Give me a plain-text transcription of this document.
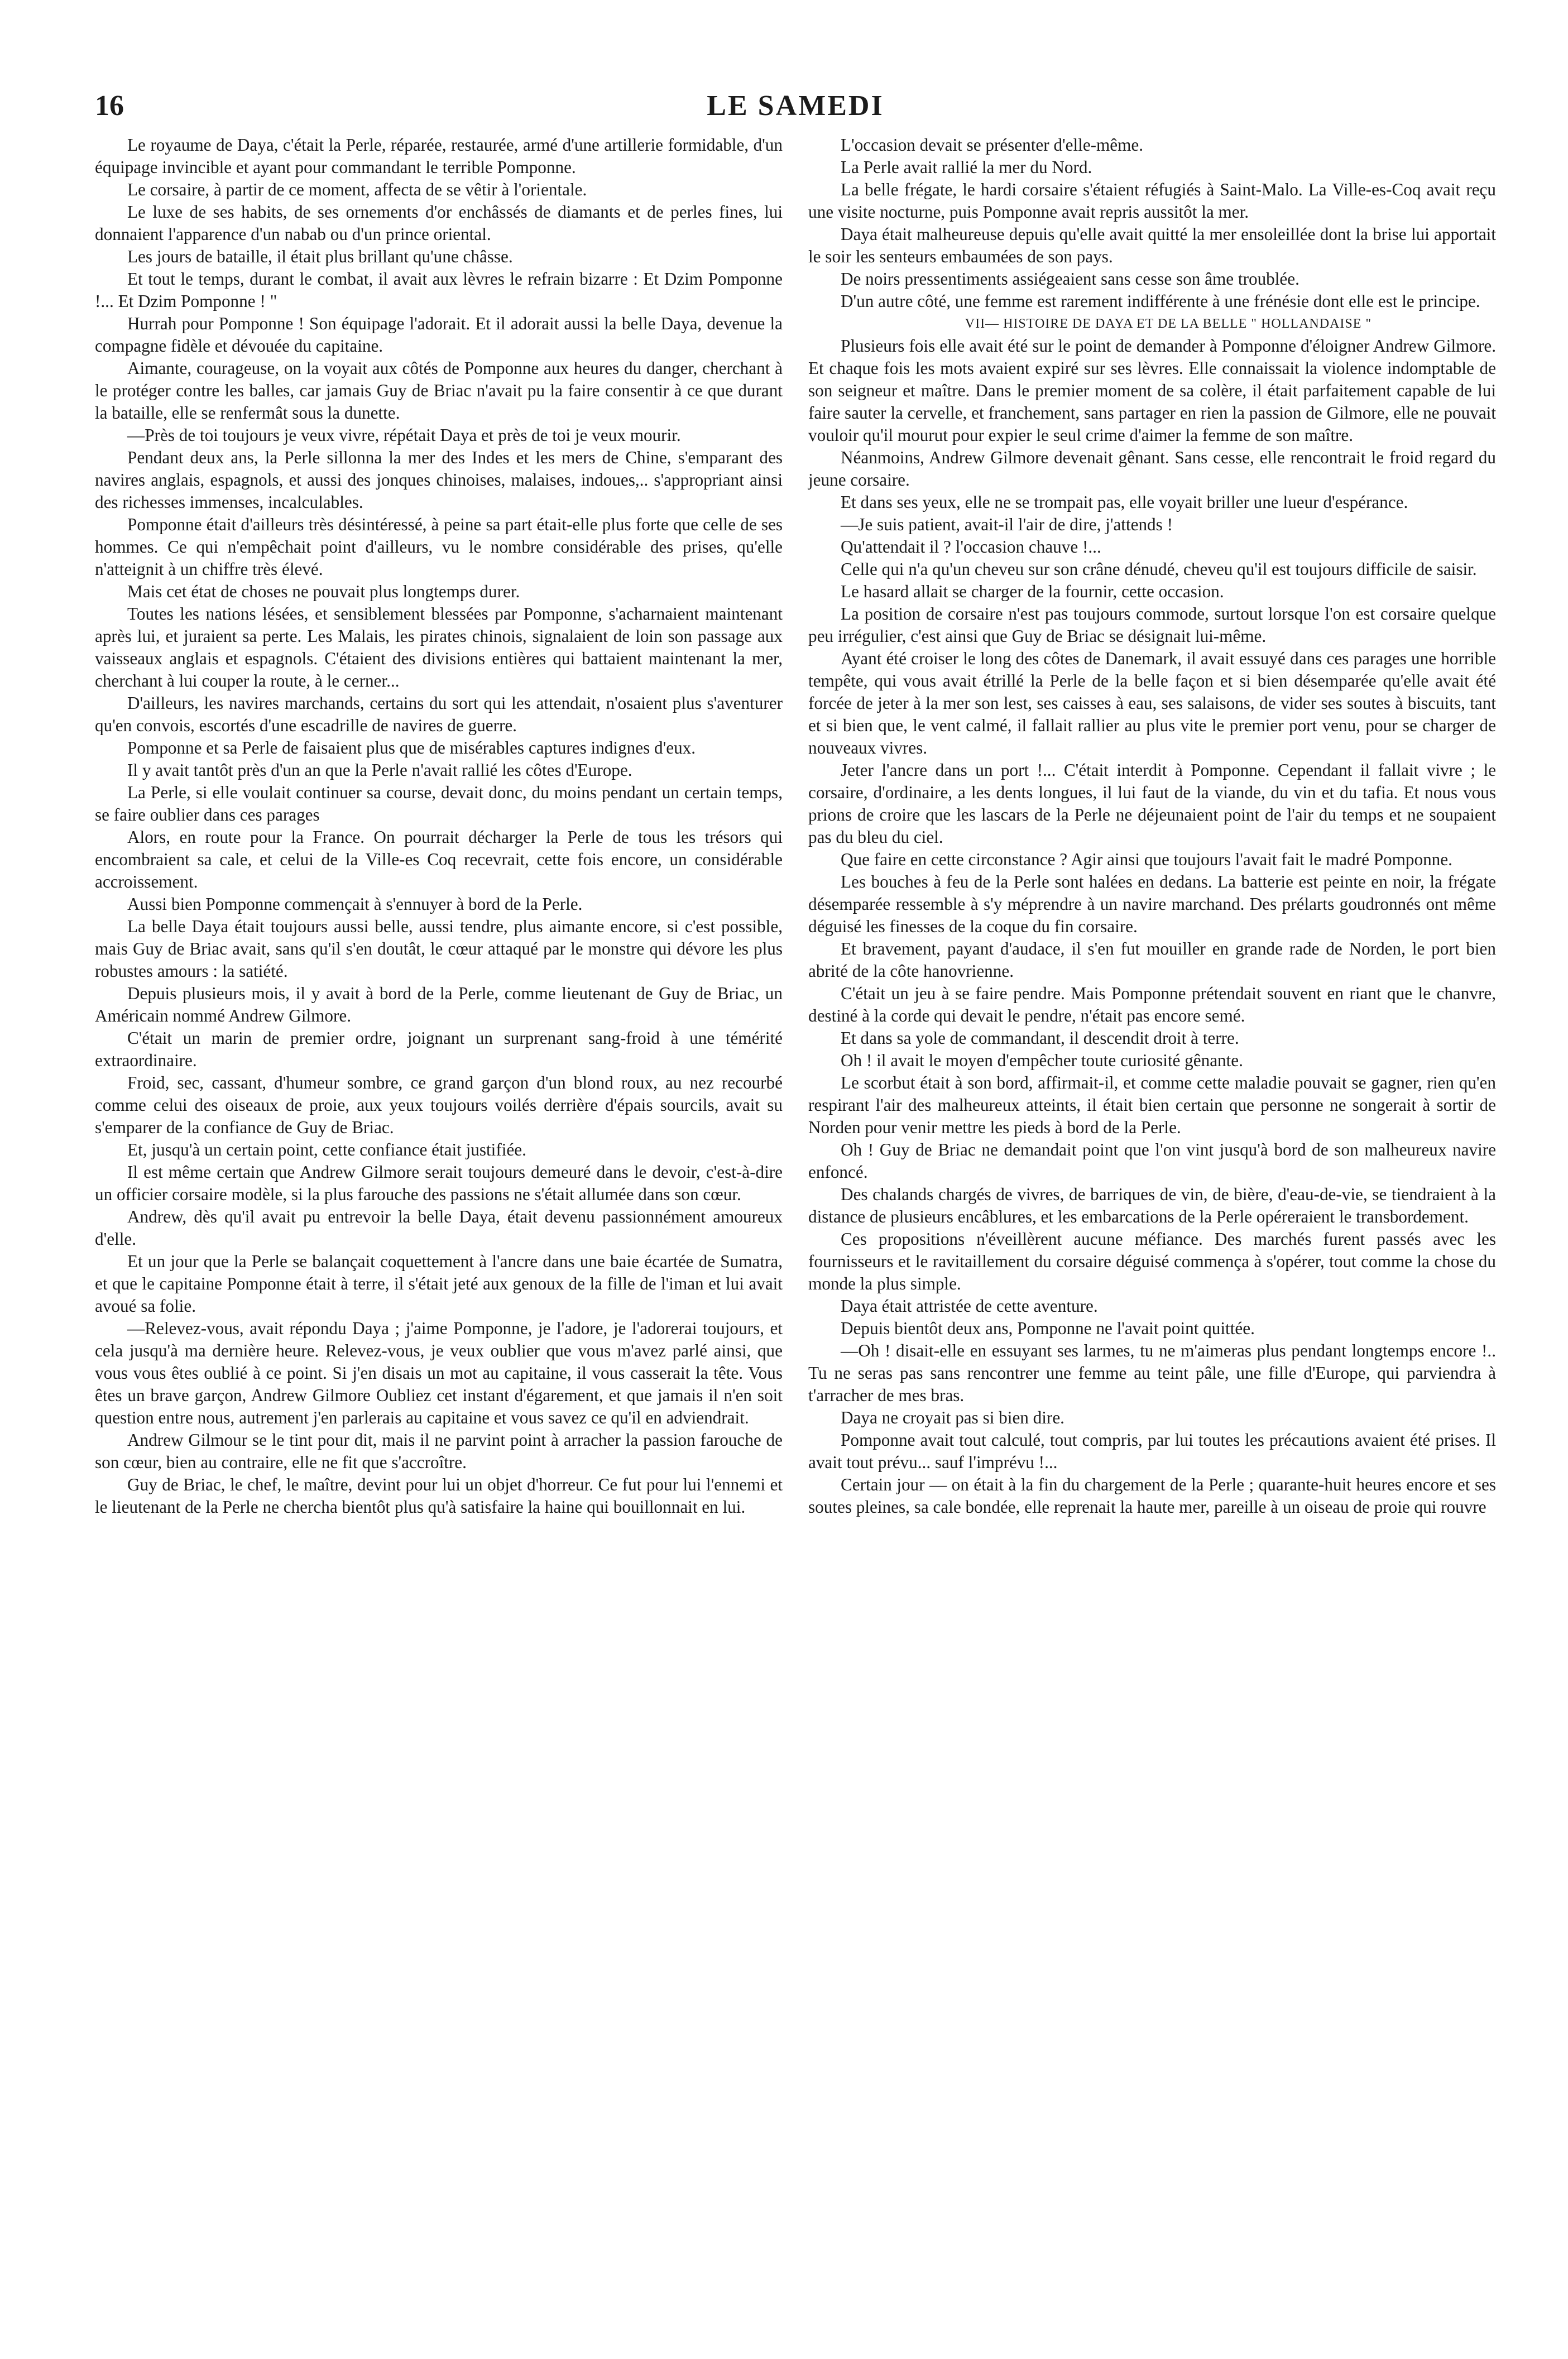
16	LE SAMEDI

Le royaume de Daya, c'était la Perle, réparée, restaurée, armé d'une artillerie formidable, d'un équipage invincible et ayant pour commandant le terrible Pomponne.

Le corsaire, à partir de ce moment, affecta de se vêtir à l'orientale.

Le luxe de ses habits, de ses ornements d'or enchâssés de diamants et de perles fines, lui donnaient l'apparence d'un nabab ou d'un prince oriental.

Les jours de bataille, il était plus brillant qu'une châsse.

Et tout le temps, durant le combat, il avait aux lèvres le refrain bizarre : Et Dzim Pomponne !... Et Dzim Pomponne ! "

Hurrah pour Pomponne ! Son équipage l'adorait. Et il adorait aussi la belle Daya, devenue la compagne fidèle et dévouée du capitaine.

Aimante, courageuse, on la voyait aux côtés de Pomponne aux heures du danger, cherchant à le protéger contre les balles, car jamais Guy de Briac n'avait pu la faire consentir à ce que durant la bataille, elle se renfermât sous la dunette.

—Près de toi toujours je veux vivre, répétait Daya et près de toi je veux mourir.

Pendant deux ans, la Perle sillonna la mer des Indes et les mers de Chine, s'emparant des navires anglais, espagnols, et aussi des jonques chinoises, malaises, indoues,.. s'appropriant ainsi des richesses immenses, incalculables.

Pomponne était d'ailleurs très désintéressé, à peine sa part était-elle plus forte que celle de ses hommes. Ce qui n'empêchait point d'ailleurs, vu le nombre considérable des prises, qu'elle n'atteignit à un chiffre très élevé.

Mais cet état de choses ne pouvait plus longtemps durer.

Toutes les nations lésées, et sensiblement blessées par Pomponne, s'acharnaient maintenant après lui, et juraient sa perte. Les Malais, les pirates chinois, signalaient de loin son passage aux vaisseaux anglais et espagnols. C'étaient des divisions entières qui battaient maintenant la mer, cherchant à lui couper la route, à le cerner...

D'ailleurs, les navires marchands, certains du sort qui les attendait, n'osaient plus s'aventurer qu'en convois, escortés d'une escadrille de navires de guerre.

Pomponne et sa Perle de faisaient plus que de misérables captures indignes d'eux.

Il y avait tantôt près d'un an que la Perle n'avait rallié les côtes d'Europe.

La Perle, si elle voulait continuer sa course, devait donc, du moins pendant un certain temps, se faire oublier dans ces parages

Alors, en route pour la France. On pourrait décharger la Perle de tous les trésors qui encombraient sa cale, et celui de la Ville-es Coq recevrait, cette fois encore, un considérable accroissement.

Aussi bien Pomponne commençait à s'ennuyer à bord de la Perle.

La belle Daya était toujours aussi belle, aussi tendre, plus aimante encore, si c'est possible, mais Guy de Briac avait, sans qu'il s'en doutât, le cœur attaqué par le monstre qui dévore les plus robustes amours : la satiété.

Depuis plusieurs mois, il y avait à bord de la Perle, comme lieutenant de Guy de Briac, un Américain nommé Andrew Gilmore.

C'était un marin de premier ordre, joignant un surprenant sang-froid à une témérité extraordinaire.

Froid, sec, cassant, d'humeur sombre, ce grand garçon d'un blond roux, au nez recourbé comme celui des oiseaux de proie, aux yeux toujours voilés derrière d'épais sourcils, avait su s'emparer de la confiance de Guy de Briac.

Et, jusqu'à un certain point, cette confiance était justifiée.

Il est même certain que Andrew Gilmore serait toujours demeuré dans le devoir, c'est-à-dire un officier corsaire modèle, si la plus farouche des passions ne s'était allumée dans son cœur.

Andrew, dès qu'il avait pu entrevoir la belle Daya, était devenu passionnément amoureux d'elle.

Et un jour que la Perle se balançait coquettement à l'ancre dans une baie écartée de Sumatra, et que le capitaine Pomponne était à terre, il s'était jeté aux genoux de la fille de l'iman et lui avait avoué sa folie.

—Relevez-vous, avait répondu Daya ; j'aime Pomponne, je l'adore, je l'adorerai toujours, et cela jusqu'à ma dernière heure. Relevez-vous, je veux oublier que vous m'avez parlé ainsi, que vous vous êtes oublié à ce point. Si j'en disais un mot au capitaine, il vous casserait la tête. Vous êtes un brave garçon, Andrew Gilmore Oubliez cet instant d'égarement, et que jamais il n'en soit question entre nous, autrement j'en parlerais au capitaine et vous savez ce qu'il en adviendrait.

Andrew Gilmour se le tint pour dit, mais il ne parvint point à arracher la passion farouche de son cœur, bien au contraire, elle ne fit que s'accroître.

Guy de Briac, le chef, le maître, devint pour lui un objet d'horreur. Ce fut pour lui l'ennemi et le lieutenant de la Perle ne chercha bientôt plus qu'à satisfaire la haine qui bouillonnait en lui.

L'occasion devait se présenter d'elle-même.

La Perle avait rallié la mer du Nord.

La belle frégate, le hardi corsaire s'étaient réfugiés à Saint-Malo. La Ville-es-Coq avait reçu une visite nocturne, puis Pomponne avait repris aussitôt la mer.

Daya était malheureuse depuis qu'elle avait quitté la mer ensoleillée dont la brise lui apportait le soir les senteurs embaumées de son pays.

De noirs pressentiments assiégeaient sans cesse son âme troublée.

D'un autre côté, une femme est rarement indifférente à une frénésie dont elle est le principe.

VII— HISTOIRE DE DAYA ET DE LA BELLE " HOLLANDAISE "

Plusieurs fois elle avait été sur le point de demander à Pomponne d'éloigner Andrew Gilmore. Et chaque fois les mots avaient expiré sur ses lèvres. Elle connaissait la violence indomptable de son seigneur et maître. Dans le premier moment de sa colère, il était parfaitement capable de lui faire sauter la cervelle, et franchement, sans partager en rien la passion de Gilmore, elle ne pouvait vouloir qu'il mourut pour expier le seul crime d'aimer la femme de son maître.

Néanmoins, Andrew Gilmore devenait gênant. Sans cesse, elle rencontrait le froid regard du jeune corsaire.

Et dans ses yeux, elle ne se trompait pas, elle voyait briller une lueur d'espérance.

—Je suis patient, avait-il l'air de dire, j'attends !

Qu'attendait il ? l'occasion chauve !...

Celle qui n'a qu'un cheveu sur son crâne dénudé, cheveu qu'il est toujours difficile de saisir.

Le hasard allait se charger de la fournir, cette occasion.

La position de corsaire n'est pas toujours commode, surtout lorsque l'on est corsaire quelque peu irrégulier, c'est ainsi que Guy de Briac se désignait lui-même.

Ayant été croiser le long des côtes de Danemark, il avait essuyé dans ces parages une horrible tempête, qui vous avait étrillé la Perle de la belle façon et si bien désemparée qu'elle avait été forcée de jeter à la mer son lest, ses caisses à eau, ses salaisons, de vider ses soutes à biscuits, tant et si bien que, le vent calmé, il fallait rallier au plus vite le premier port venu, pour se charger de nouveaux vivres.

Jeter l'ancre dans un port !... C'était interdit à Pomponne. Cependant il fallait vivre ; le corsaire, d'ordinaire, a les dents longues, il lui faut de la viande, du vin et du tafia. Et nous vous prions de croire que les lascars de la Perle ne déjeunaient point de l'air du temps et ne soupaient pas du bleu du ciel.

Que faire en cette circonstance ? Agir ainsi que toujours l'avait fait le madré Pomponne.

Les bouches à feu de la Perle sont halées en dedans. La batterie est peinte en noir, la frégate désemparée ressemble à s'y méprendre à un navire marchand. Des prélarts goudronnés ont même déguisé les finesses de la coque du fin corsaire.

Et bravement, payant d'audace, il s'en fut mouiller en grande rade de Norden, le port bien abrité de la côte hanovrienne.

C'était un jeu à se faire pendre. Mais Pomponne prétendait souvent en riant que le chanvre, destiné à la corde qui devait le pendre, n'était pas encore semé.

Et dans sa yole de commandant, il descendit droit à terre.

Oh ! il avait le moyen d'empêcher toute curiosité gênante.

Le scorbut était à son bord, affirmait-il, et comme cette maladie pouvait se gagner, rien qu'en respirant l'air des malheureux atteints, il était bien certain que personne ne songerait à sortir de Norden pour venir mettre les pieds à bord de la Perle.

Oh ! Guy de Briac ne demandait point que l'on vint jusqu'à bord de son malheureux navire enfoncé.

Des chalands chargés de vivres, de barriques de vin, de bière, d'eau-de-vie, se tiendraient à la distance de plusieurs encâblures, et les embarcations de la Perle opéreraient le transbordement.

Ces propositions n'éveillèrent aucune méfiance. Des marchés furent passés avec les fournisseurs et le ravitaillement du corsaire déguisé commença à s'opérer, tout comme la chose du monde la plus simple.

Daya était attristée de cette aventure.

Depuis bientôt deux ans, Pomponne ne l'avait point quittée.

—Oh ! disait-elle en essuyant ses larmes, tu ne m'aimeras plus pendant longtemps encore !.. Tu ne seras pas sans rencontrer une femme au teint pâle, une fille d'Europe, qui parviendra à t'arracher de mes bras.

Daya ne croyait pas si bien dire.

Pomponne avait tout calculé, tout compris, par lui toutes les précautions avaient été prises. Il avait tout prévu... sauf l'imprévu !...

Certain jour — on était à la fin du chargement de la Perle ; quarante-huit heures encore et ses soutes pleines, sa cale bondée, elle reprenait la haute mer, pareille à un oiseau de proie qui rouvre
